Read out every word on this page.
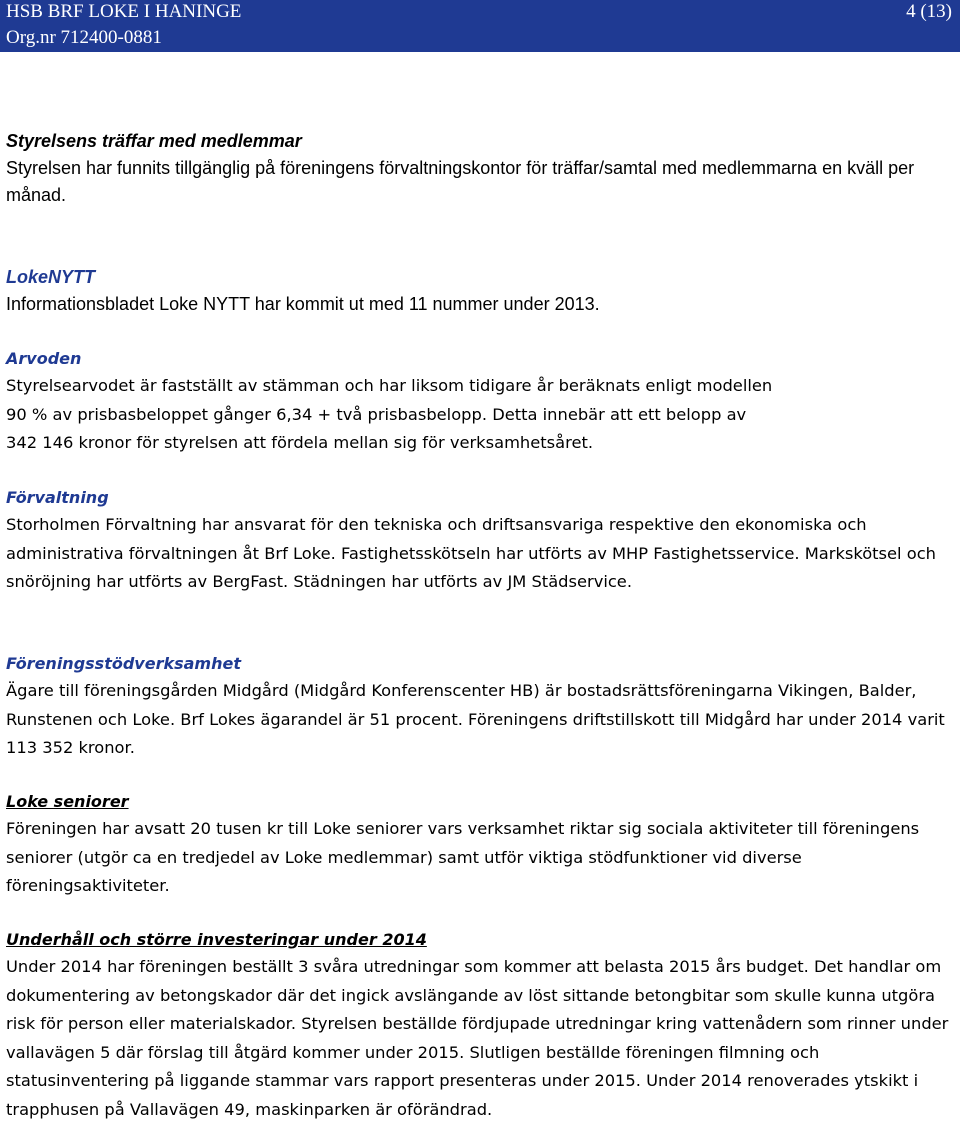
HSB BRF LOKE I HANINGE
Org.nr 712400-0881
4 (13)

Styrelsens träffar med medlemmar

Styrelsen har funnits tillgänglig på föreningens förvaltningskontor för träffar/samtal med medlemmarna en kväll per månad.

LokeNYTT

Informationsbladet Loke NYTT har kommit ut med 11 nummer under 2013.

Arvoden

Styrelsearvodet är fastställt av stämman och har liksom tidigare år beräknats enligt modellen 90 % av prisbasbeloppet gånger 6,34 + två prisbasbelopp. Detta innebär att ett belopp av 342 146 kronor för styrelsen att fördela mellan sig för verksamhetsåret.

Förvaltning

Storholmen Förvaltning har ansvarat för den tekniska och driftsansvariga respektive den ekonomiska och administrativa förvaltningen åt Brf Loke. Fastighetsskötseln har utförts av MHP Fastighetsservice. Markskötsel och snöröjning har utförts av BergFast. Städningen har utförts av JM Städservice.

Föreningsstödverksamhet

Ägare till föreningsgården Midgård (Midgård Konferenscenter HB) är bostadsrättsföreningarna Vikingen, Balder, Runstenen och Loke. Brf Lokes ägarandel är 51 procent. Föreningens driftstillskott till Midgård har under 2014 varit 113 352 kronor.

Loke seniorer

Föreningen har avsatt 20 tusen kr till Loke seniorer vars verksamhet riktar sig sociala aktiviteter till föreningens seniorer (utgör ca en tredjedel av Loke medlemmar) samt utför viktiga stödfunktioner vid diverse föreningsaktiviteter.

Underhåll och större investeringar under 2014

Under 2014 har föreningen beställt 3 svåra utredningar som kommer att belasta 2015 års budget. Det handlar om dokumentering av betongskador där det ingick avslängande av löst sittande betongbitar som skulle kunna utgöra risk för person eller materialskador. Styrelsen beställde fördjupade utredningar kring vattenådern som rinner under vallavägen 5 där förslag till åtgärd kommer under 2015. Slutligen beställde föreningen filmning och statusinventering på liggande stammar vars rapport presenteras under 2015. Under 2014 renoverades ytskikt i trapphusen på Vallavägen 49, maskinparken är oförändrad.
